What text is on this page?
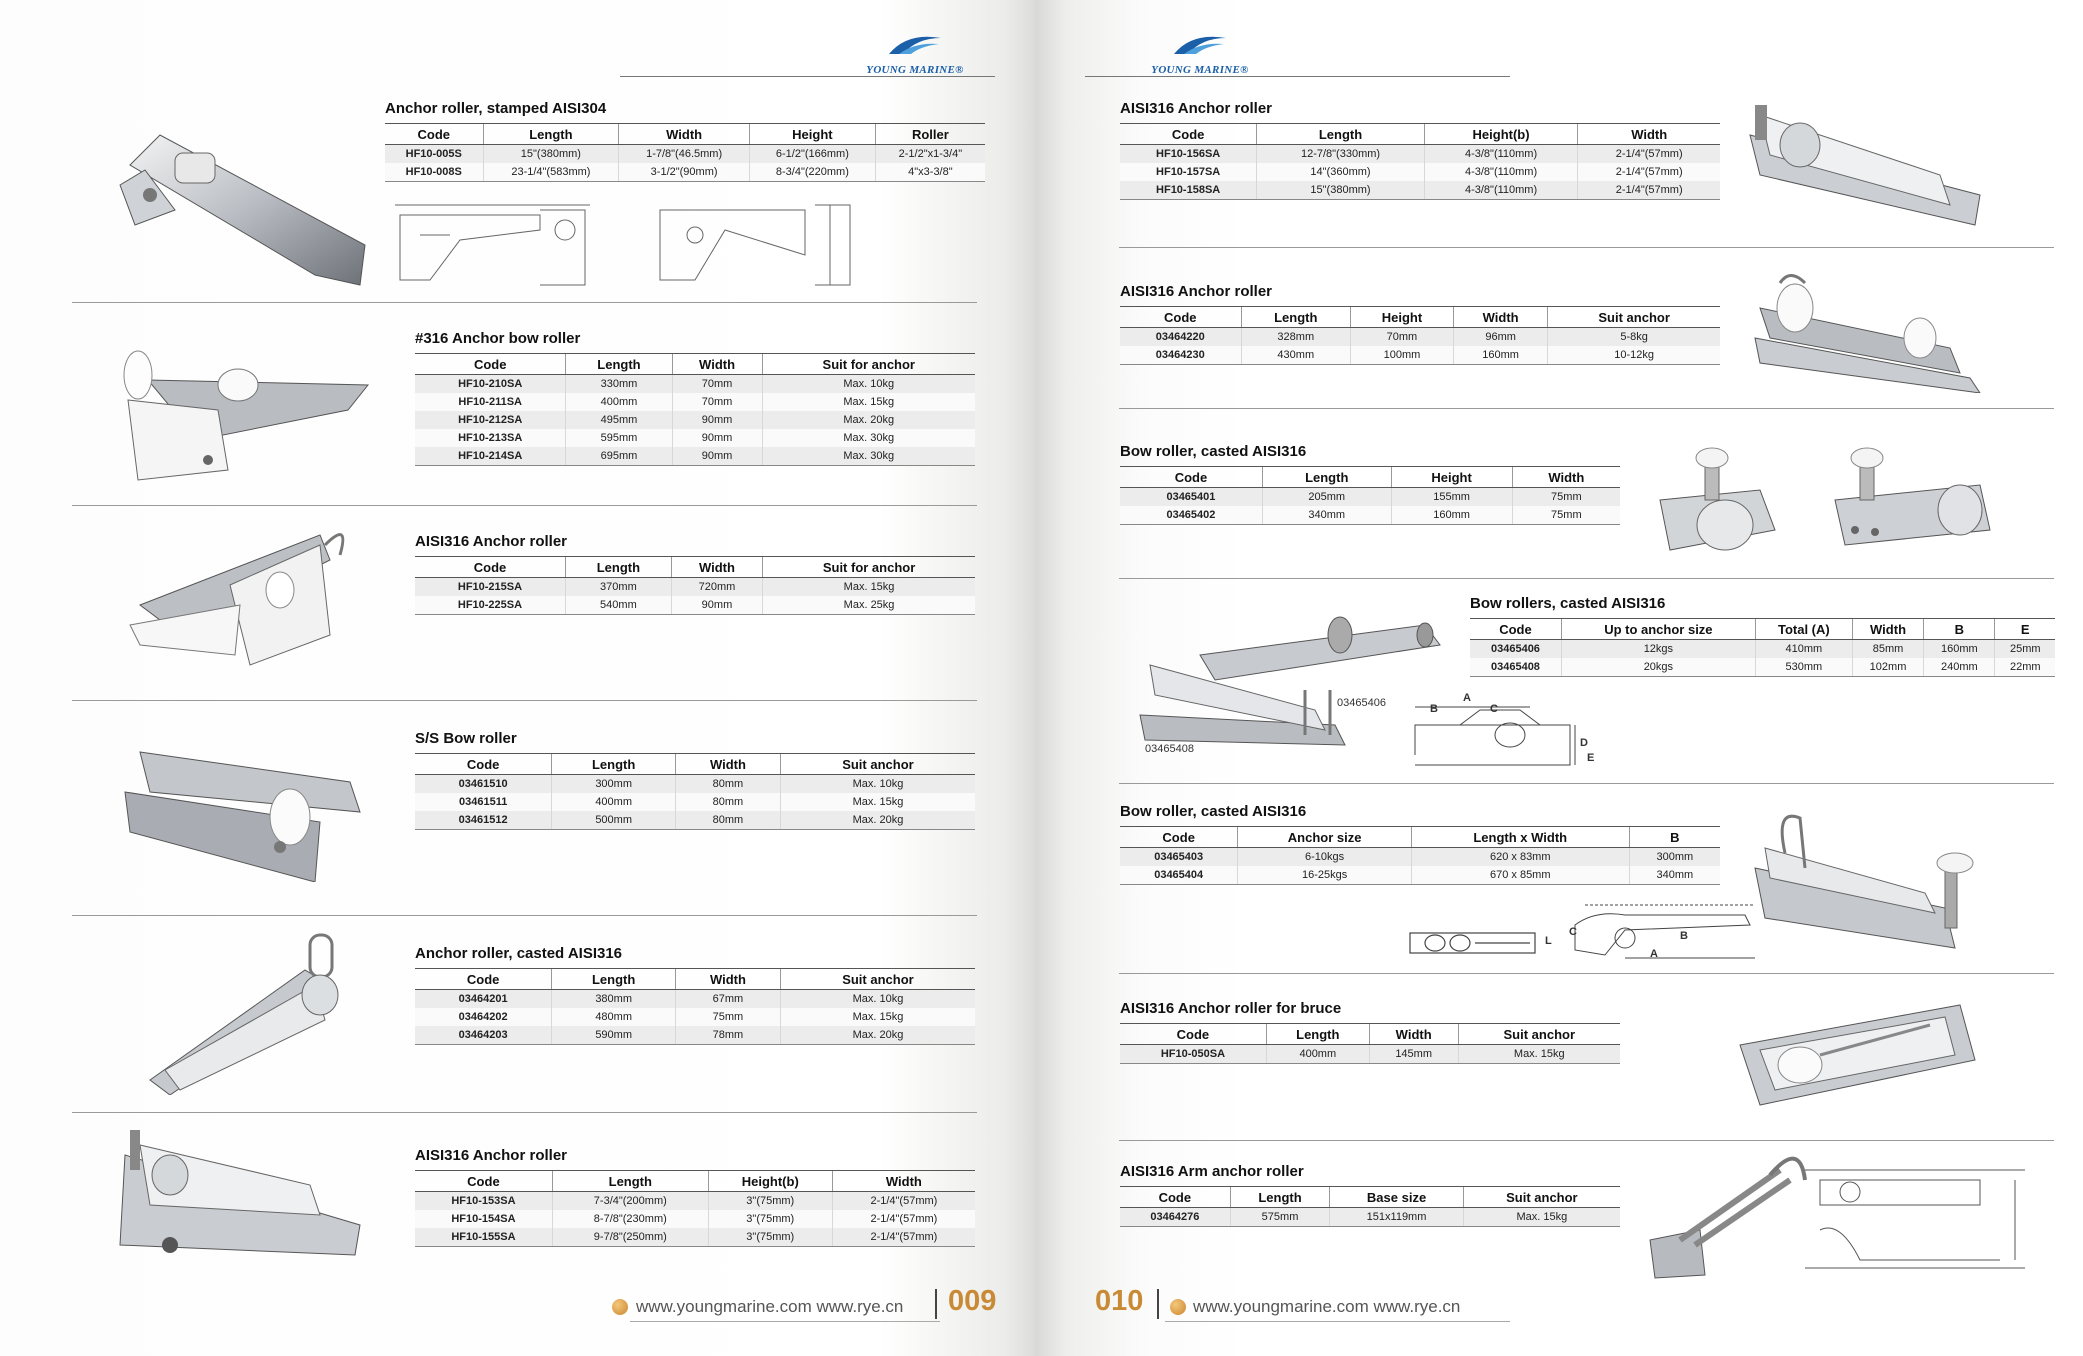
YOUNG MARINE®
Anchor roller, stamped AISI304
Code	Length	Width	Height	Roller
HF10-005S	15"(380mm)	1-7/8"(46.5mm)	6-1/2"(166mm)	2-1/2"x1-3/4"
HF10-008S	23-1/4"(583mm)	3-1/2"(90mm)	8-3/4"(220mm)	4"x3-3/8"
#316 Anchor bow roller
Code	Length	Width	Suit for anchor
HF10-210SA	330mm	70mm	Max. 10kg
HF10-211SA	400mm	70mm	Max. 15kg
HF10-212SA	495mm	90mm	Max. 20kg
HF10-213SA	595mm	90mm	Max. 30kg
HF10-214SA	695mm	90mm	Max. 30kg
AISI316 Anchor roller
Code	Length	Width	Suit for anchor
HF10-215SA	370mm	720mm	Max. 15kg
HF10-225SA	540mm	90mm	Max. 25kg
S/S Bow roller
Code	Length	Width	Suit anchor
03461510	300mm	80mm	Max. 10kg
03461511	400mm	80mm	Max. 15kg
03461512	500mm	80mm	Max. 20kg
Anchor roller, casted AISI316
Code	Length	Width	Suit anchor
03464201	380mm	67mm	Max. 10kg
03464202	480mm	75mm	Max. 15kg
03464203	590mm	78mm	Max. 20kg
AISI316 Anchor roller
Code	Length	Height(b)	Width
HF10-153SA	7-3/4"(200mm)	3"(75mm)	2-1/4"(57mm)
HF10-154SA	8-7/8"(230mm)	3"(75mm)	2-1/4"(57mm)
HF10-155SA	9-7/8"(250mm)	3"(75mm)	2-1/4"(57mm)
www.youngmarine.com www.rye.cn 009
YOUNG MARINE®
AISI316 Anchor roller
Code	Length	Height(b)	Width
HF10-156SA	12-7/8"(330mm)	4-3/8"(110mm)	2-1/4"(57mm)
HF10-157SA	14"(360mm)	4-3/8"(110mm)	2-1/4"(57mm)
HF10-158SA	15"(380mm)	4-3/8"(110mm)	2-1/4"(57mm)
AISI316 Anchor roller
Code	Length	Height	Width	Suit anchor
03464220	328mm	70mm	96mm	5-8kg
03464230	430mm	100mm	160mm	10-12kg
Bow roller, casted AISI316
Code	Length	Height	Width
03465401	205mm	155mm	75mm
03465402	340mm	160mm	75mm
Bow rollers, casted AISI316
Code	Up to anchor size	Total (A)	Width	B	E
03465406	12kgs	410mm	85mm	160mm	25mm
03465408	20kgs	530mm	102mm	240mm	22mm
03465406
03465408
A
B	C
D
E
Bow roller, casted AISI316
Code	Anchor size	Length x Width	B
03465403	6-10kgs	620 x 83mm	300mm
03465404	16-25kgs	670 x 85mm	340mm
L
C	B
A
AISI316 Anchor roller for bruce
Code	Length	Width	Suit anchor
HF10-050SA	400mm	145mm	Max. 15kg
AISI316 Arm anchor roller
Code	Length	Base size	Suit anchor
03464276	575mm	151x119mm	Max. 15kg
010	www.youngmarine.com www.rye.cn
